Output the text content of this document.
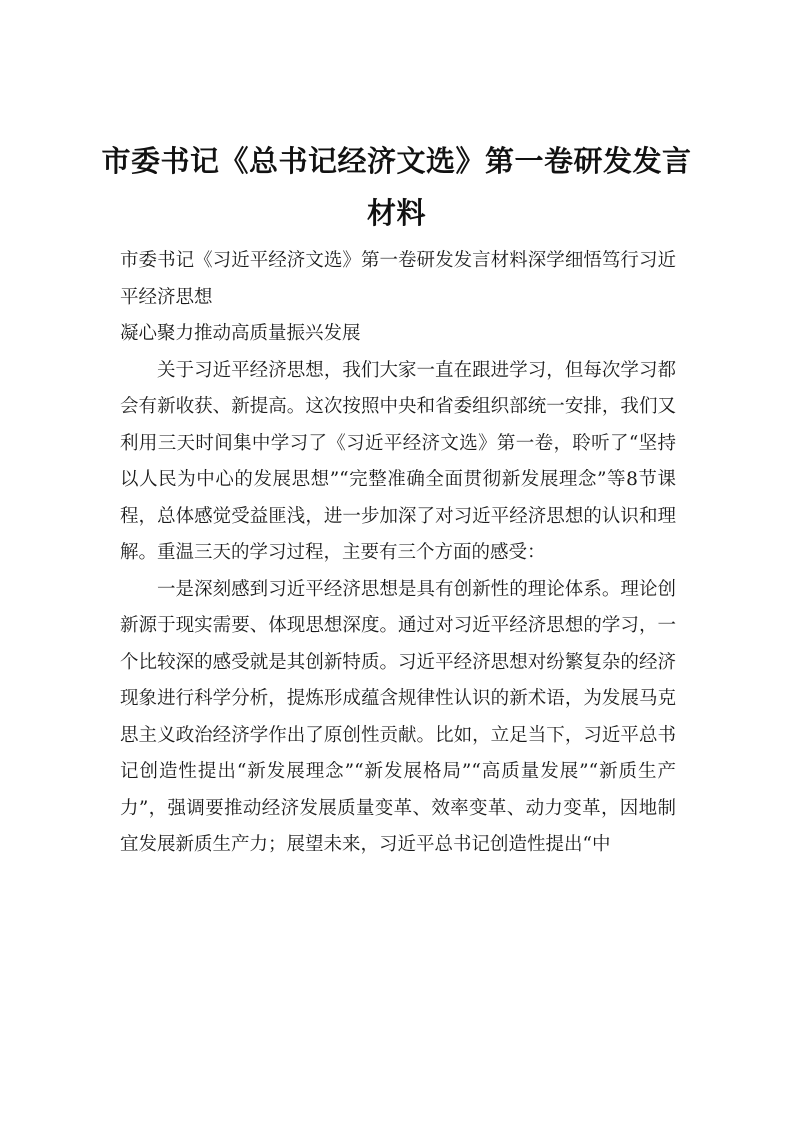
市委书记《总书记经济文选》第一卷研发发言材料

市委书记《习近平经济文选》第一卷研发发言材料深学细悟笃行习近平经济思想

凝心聚力推动高质量振兴发展

关于习近平经济思想，我们大家一直在跟进学习，但每次学习都会有新收获、新提高。这次按照中央和省委组织部统一安排，我们又利用三天时间集中学习了《习近平经济文选》第一卷，聆听了“坚持以人民为中心的发展思想”“完整准确全面贯彻新发展理念”等8节课程，总体感觉受益匪浅，进一步加深了对习近平经济思想的认识和理解。重温三天的学习过程，主要有三个方面的感受：

一是深刻感到习近平经济思想是具有创新性的理论体系。理论创新源于现实需要、体现思想深度。通过对习近平经济思想的学习，一个比较深的感受就是其创新特质。习近平经济思想对纷繁复杂的经济现象进行科学分析，提炼形成蕴含规律性认识的新术语，为发展马克思主义政治经济学作出了原创性贡献。比如，立足当下，习近平总书记创造性提出“新发展理念”“新发展格局”“高质量发展”“新质生产力”，强调要推动经济发展质量变革、效率变革、动力变革，因地制宜发展新质生产力；展望未来，习近平总书记创造性提出“中
